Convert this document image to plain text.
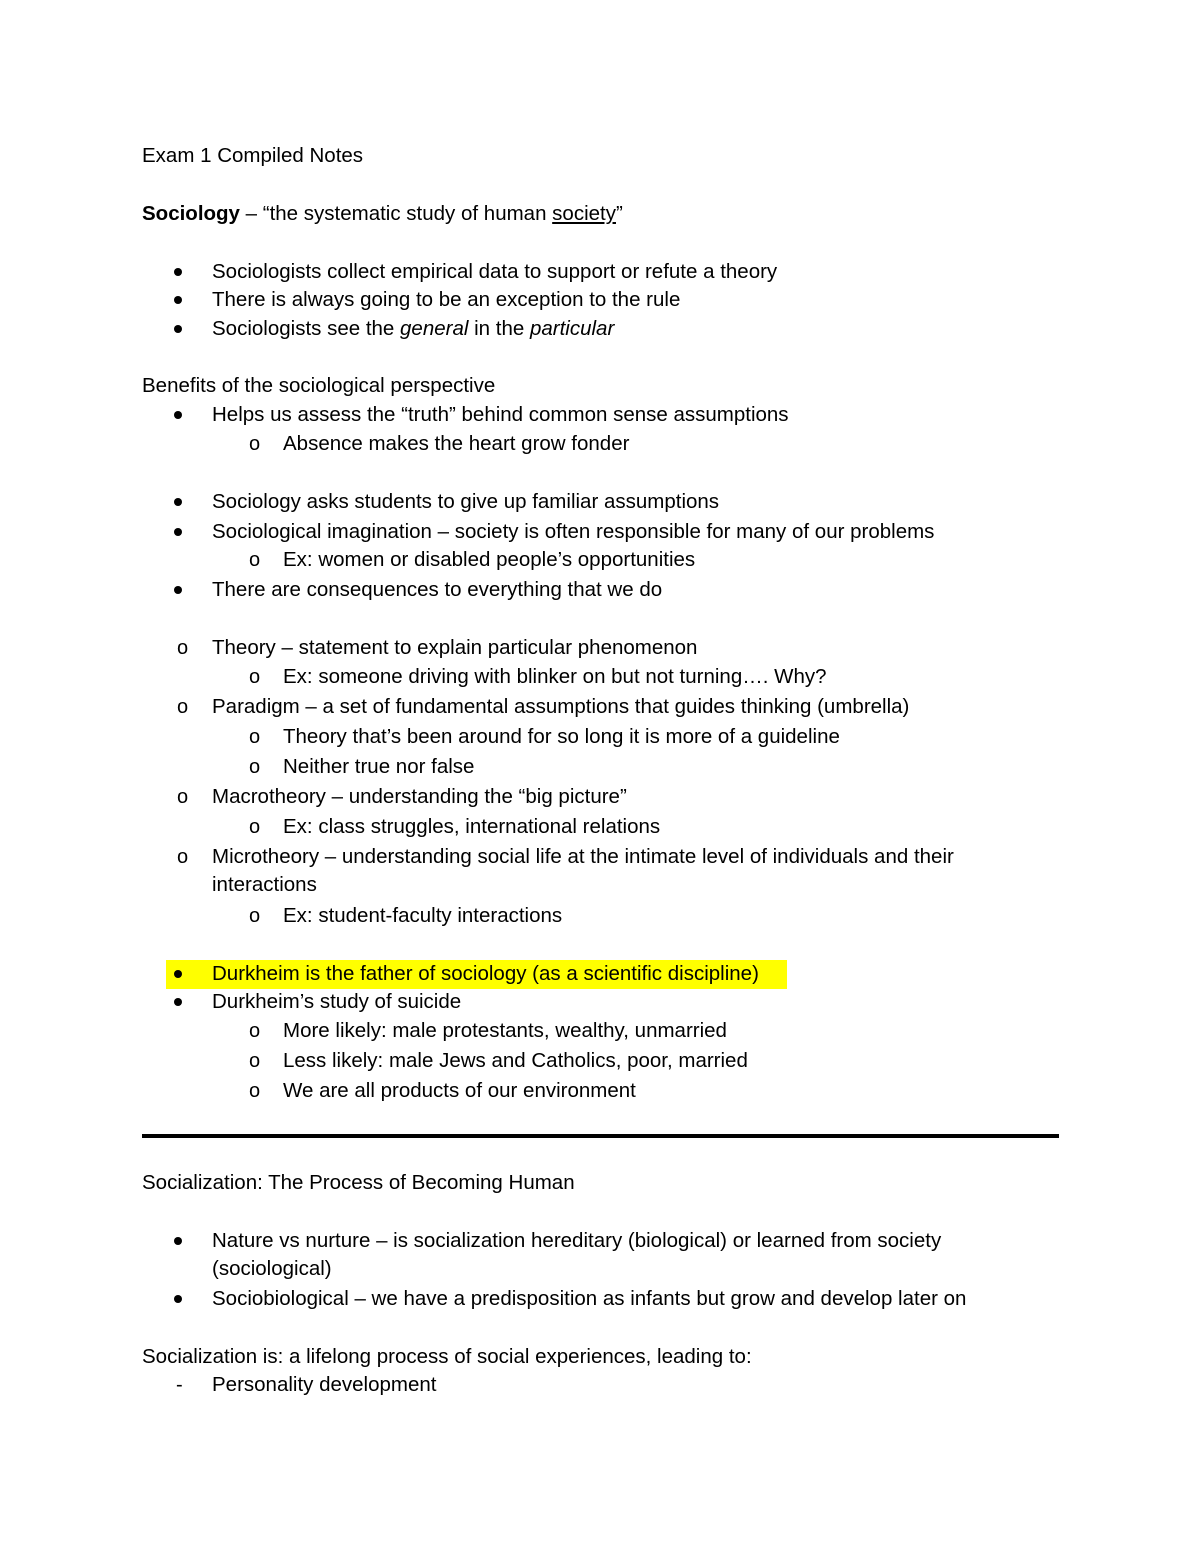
Exam 1 Compiled Notes
Sociology – “the systematic study of human society”
Sociologists collect empirical data to support or refute a theory
There is always going to be an exception to the rule
Sociologists see the general in the particular
Benefits of the sociological perspective
Helps us assess the “truth” behind common sense assumptions
o Absence makes the heart grow fonder
Sociology asks students to give up familiar assumptions
Sociological imagination – society is often responsible for many of our problems
o Ex: women or disabled people’s opportunities
There are consequences to everything that we do
o Theory – statement to explain particular phenomenon
o Ex: someone driving with blinker on but not turning…. Why?
o Paradigm – a set of fundamental assumptions that guides thinking (umbrella)
o Theory that’s been around for so long it is more of a guideline
o Neither true nor false
o Macrotheory – understanding the “big picture”
o Ex: class struggles, international relations
o Microtheory – understanding social life at the intimate level of individuals and their interactions
o Ex: student-faculty interactions
Durkheim is the father of sociology (as a scientific discipline)
Durkheim’s study of suicide
o More likely: male protestants, wealthy, unmarried
o Less likely: male Jews and Catholics, poor, married
o We are all products of our environment
Socialization: The Process of Becoming Human
Nature vs nurture – is socialization hereditary (biological) or learned from society (sociological)
Sociobiological – we have a predisposition as infants but grow and develop later on
Socialization is: a lifelong process of social experiences, leading to:
- Personality development
